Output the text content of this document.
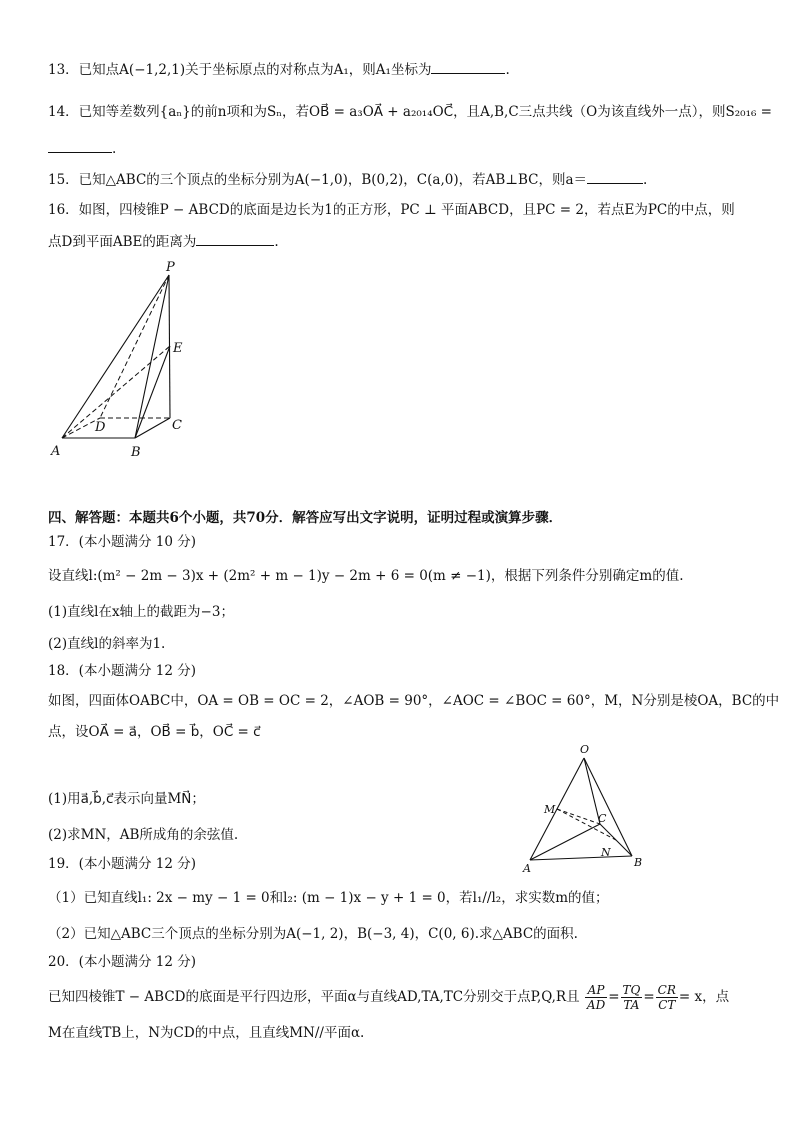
13．已知点A(−1,2,1)关于坐标原点的对称点为A₁，则A₁坐标为	.
14．已知等差数列{aₙ}的前n项和为Sₙ，若OB⃗ = a₃OA⃗ + a₂₀₁₄OC⃗，且A,B,C三点共线（O为该直线外一点），则S₂₀₁₆ =
.
15．已知△ABC的三个顶点的坐标分别为A(−1,0)，B(0,2)，C(a,0)，若AB⊥BC，则a＝	.
16．如图，四棱锥P − ABCD的底面是边长为1的正方形，PC ⊥ 平面ABCD，且PC = 2，若点E为PC的中点，则
点D到平面ABE的距离为	.
P
E
D	C
A	B
四、解答题：本题共6个小题，共70分．解答应写出文字说明，证明过程或演算步骤．
17．(本小题满分 10 分)
设直线l:(m² − 2m − 3)x + (2m² + m − 1)y − 2m + 6 = 0(m ≠ −1)，根据下列条件分别确定m的值.
(1)直线l在x轴上的截距为−3；
(2)直线l的斜率为1.
18．(本小题满分 12 分)
如图，四面体OABC中，OA = OB = OC = 2，∠AOB = 90°，∠AOC = ∠BOC = 60°，M，N分别是棱OA，BC的中
点，设OA⃗ = a⃗，OB⃗ = b⃗，OC⃗ = c⃗
(1)用a⃗,b⃗,c⃗表示向量MN⃗；
(2)求MN，AB所成角的余弦值.
O
M
C
N
A	B
19．(本小题满分 12 分)
（1）已知直线l₁: 2x − my − 1 = 0和l₂: (m − 1)x − y + 1 = 0，若l₁//l₂，求实数m的值；
（2）已知△ABC三个顶点的坐标分别为A(−1, 2)，B(−3, 4)，C(0, 6).求△ABC的面积.
20．(本小题满分 12 分)
已知四棱锥T − ABCD的底面是平行四边形，平面α与直线AD,TA,TC分别交于点P,Q,R且 $\frac{AP}{AD} = \frac{TQ}{TA} = \frac{CR}{CT} = x$，点
M在直线TB上，N为CD的中点，且直线MN//平面α.
